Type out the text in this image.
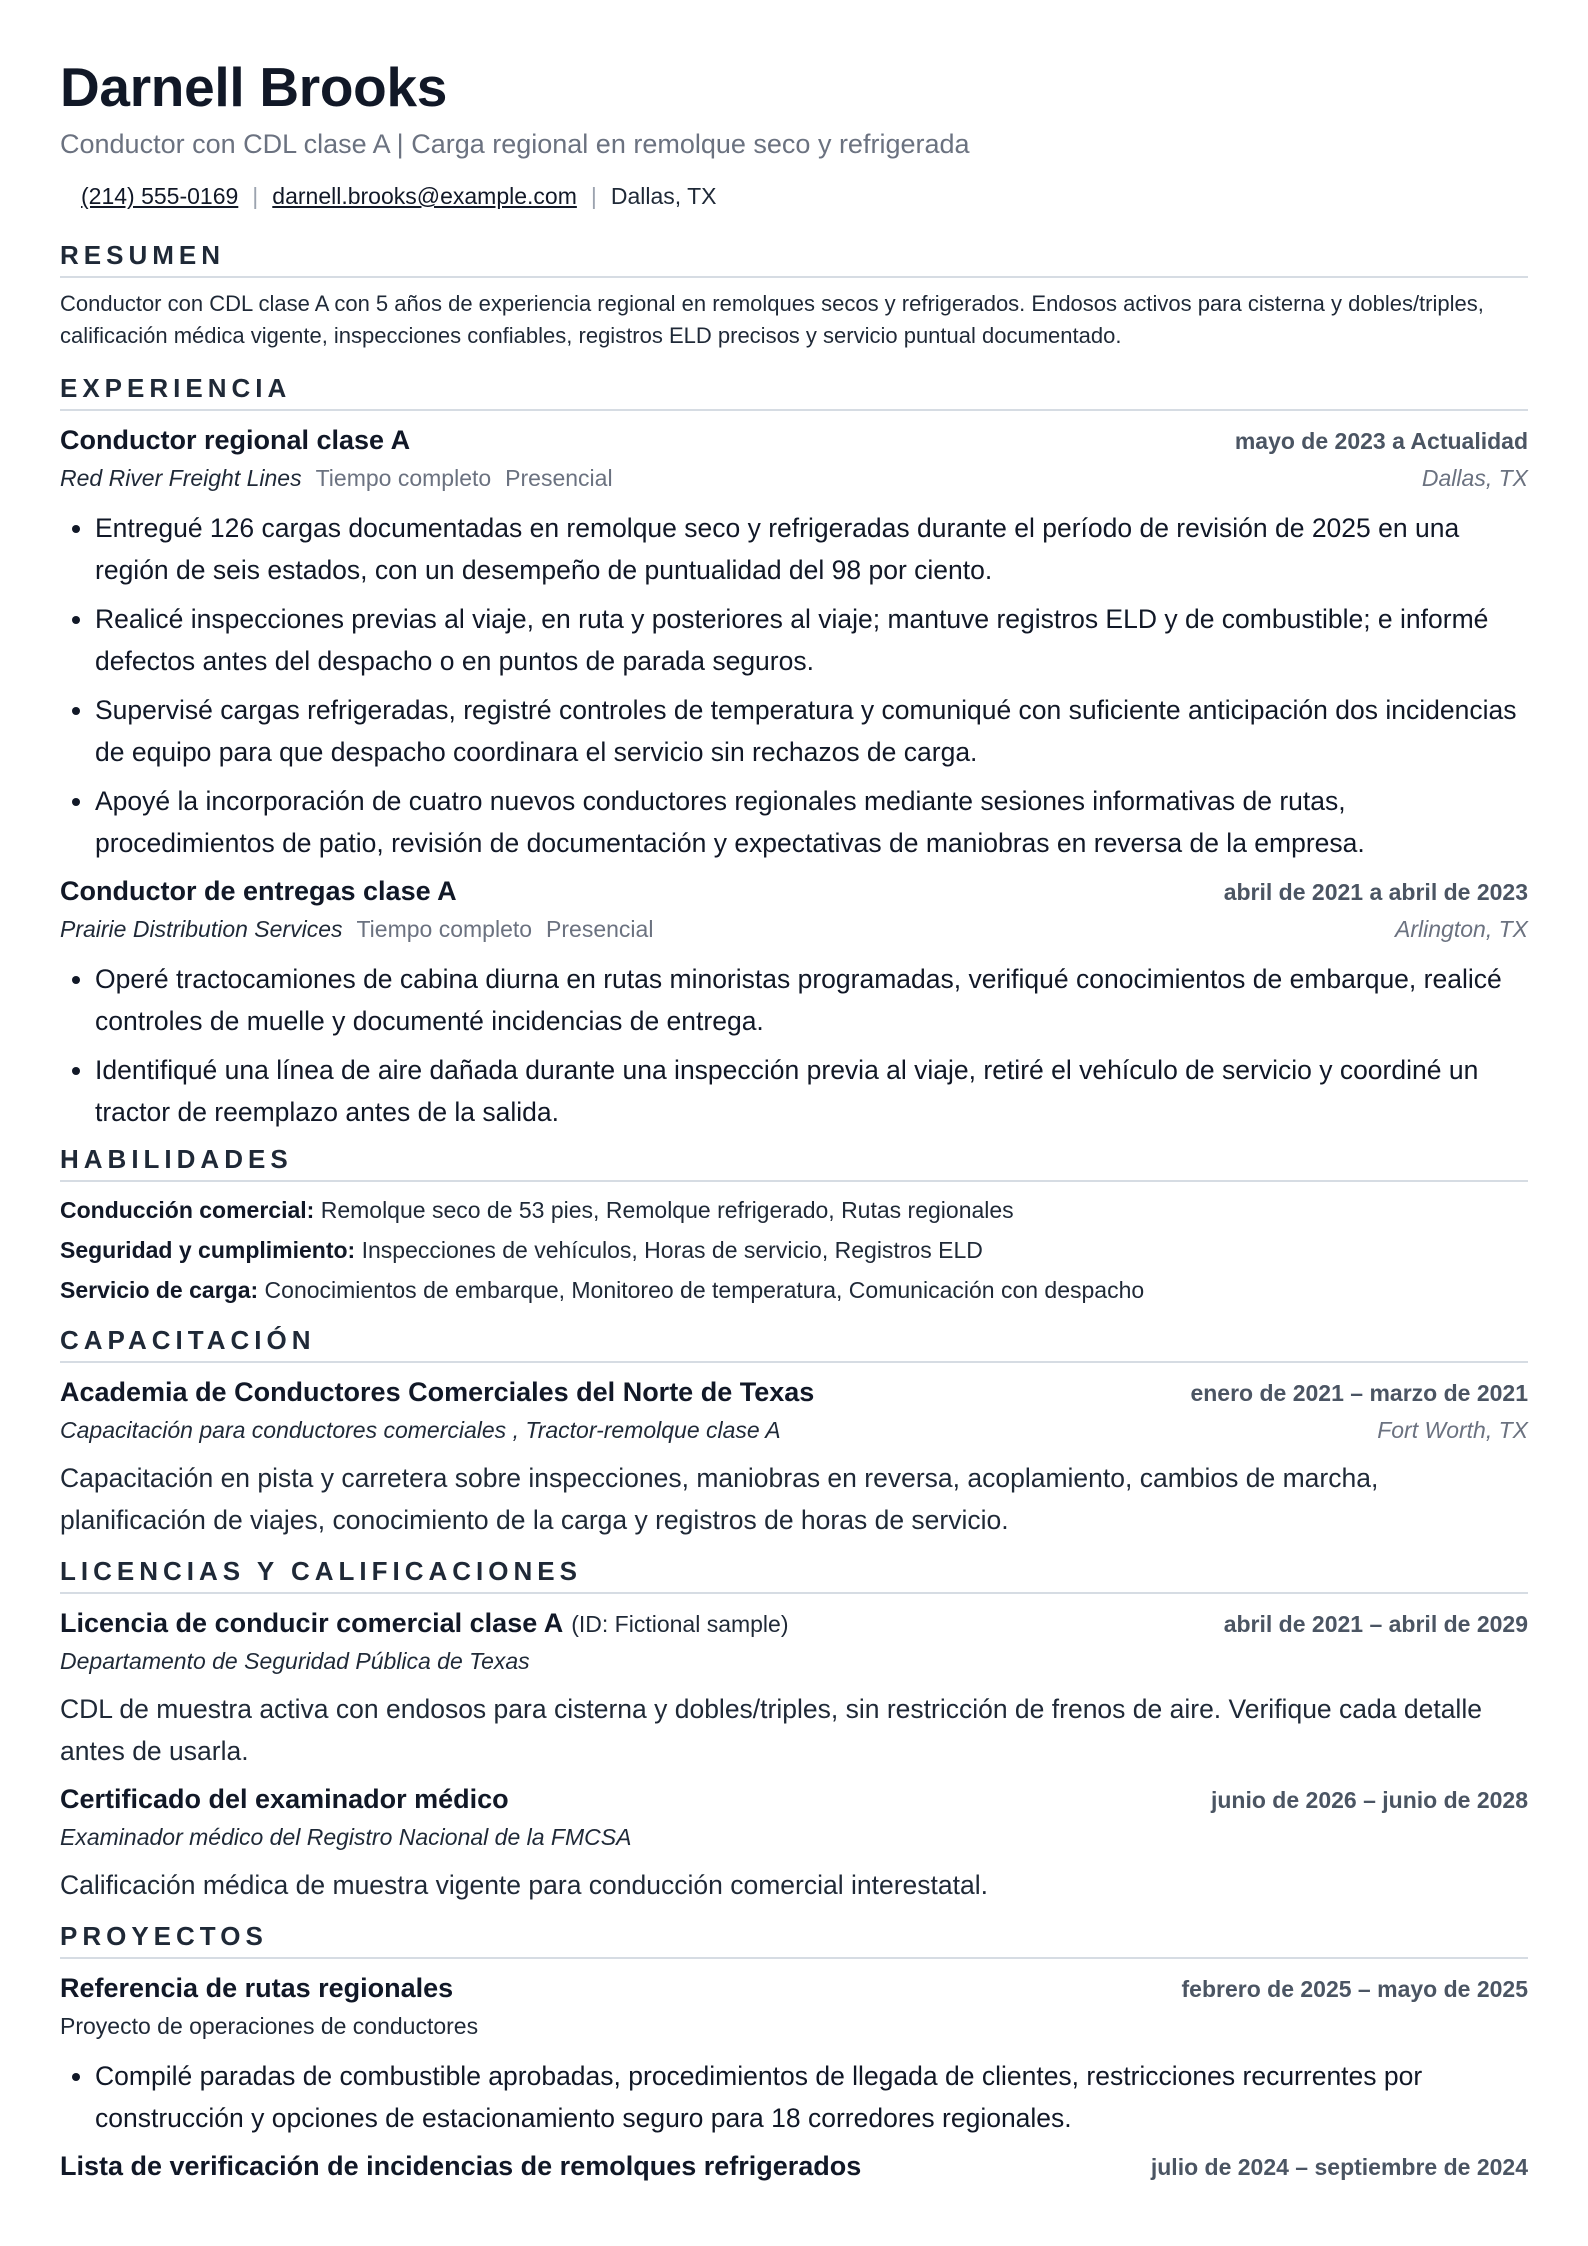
Darnell Brooks
Conductor con CDL clase A | Carga regional en remolque seco y refrigerada
(214) 555-0169 | darnell.brooks@example.com | Dallas, TX
RESUMEN
Conductor con CDL clase A con 5 años de experiencia regional en remolques secos y refrigerados. Endosos activos para cisterna y dobles/triples, calificación médica vigente, inspecciones confiables, registros ELD precisos y servicio puntual documentado.
EXPERIENCIA
Conductor regional clase A	mayo de 2023 a Actualidad
Red River Freight Lines Tiempo completo Presencial	Dallas, TX
• Entregué 126 cargas documentadas en remolque seco y refrigeradas durante el período de revisión de 2025 en una región de seis estados, con un desempeño de puntualidad del 98 por ciento.
• Realicé inspecciones previas al viaje, en ruta y posteriores al viaje; mantuve registros ELD y de combustible; e informé defectos antes del despacho o en puntos de parada seguros.
• Supervisé cargas refrigeradas, registré controles de temperatura y comuniqué con suficiente anticipación dos incidencias de equipo para que despacho coordinara el servicio sin rechazos de carga.
• Apoyé la incorporación de cuatro nuevos conductores regionales mediante sesiones informativas de rutas, procedimientos de patio, revisión de documentación y expectativas de maniobras en reversa de la empresa.
Conductor de entregas clase A	abril de 2021 a abril de 2023
Prairie Distribution Services Tiempo completo Presencial	Arlington, TX
• Operé tractocamiones de cabina diurna en rutas minoristas programadas, verifiqué conocimientos de embarque, realicé controles de muelle y documenté incidencias de entrega.
• Identifiqué una línea de aire dañada durante una inspección previa al viaje, retiré el vehículo de servicio y coordiné un tractor de reemplazo antes de la salida.
HABILIDADES
Conducción comercial: Remolque seco de 53 pies, Remolque refrigerado, Rutas regionales
Seguridad y cumplimiento: Inspecciones de vehículos, Horas de servicio, Registros ELD
Servicio de carga: Conocimientos de embarque, Monitoreo de temperatura, Comunicación con despacho
CAPACITACIÓN
Academia de Conductores Comerciales del Norte de Texas	enero de 2021 – marzo de 2021
Capacitación para conductores comerciales , Tractor-remolque clase A	Fort Worth, TX
Capacitación en pista y carretera sobre inspecciones, maniobras en reversa, acoplamiento, cambios de marcha, planificación de viajes, conocimiento de la carga y registros de horas de servicio.
LICENCIAS Y CALIFICACIONES
Licencia de conducir comercial clase A (ID: Fictional sample)	abril de 2021 – abril de 2029
Departamento de Seguridad Pública de Texas
CDL de muestra activa con endosos para cisterna y dobles/triples, sin restricción de frenos de aire. Verifique cada detalle antes de usarla.
Certificado del examinador médico	junio de 2026 – junio de 2028
Examinador médico del Registro Nacional de la FMCSA
Calificación médica de muestra vigente para conducción comercial interestatal.
PROYECTOS
Referencia de rutas regionales	febrero de 2025 – mayo de 2025
Proyecto de operaciones de conductores
• Compilé paradas de combustible aprobadas, procedimientos de llegada de clientes, restricciones recurrentes por construcción y opciones de estacionamiento seguro para 18 corredores regionales.
Lista de verificación de incidencias de remolques refrigerados	julio de 2024 – septiembre de 2024
